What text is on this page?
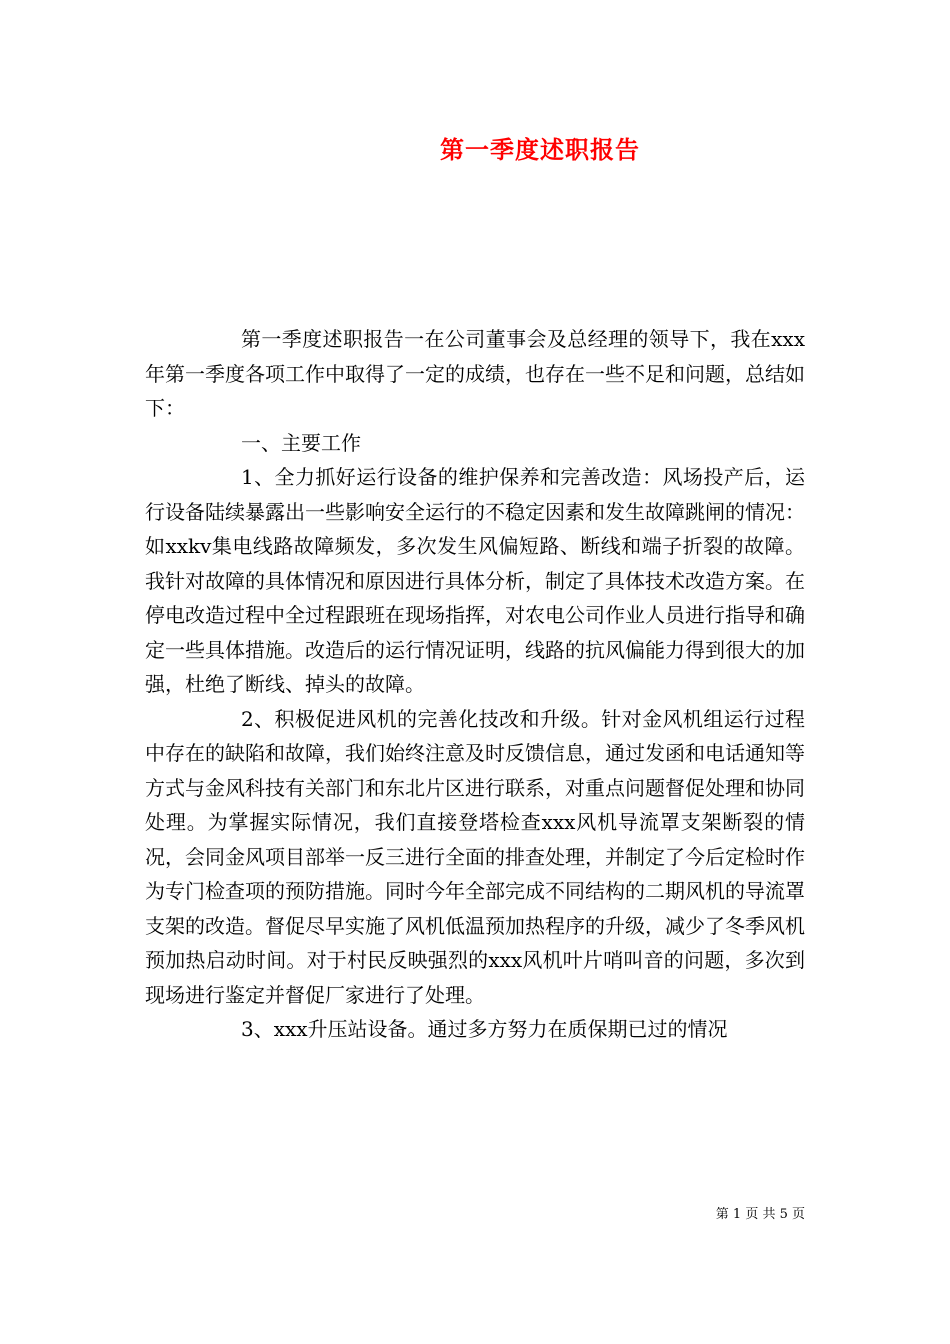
第一季度述职报告

第一季度述职报告一在公司董事会及总经理的领导下，我在xxx年第一季度各项工作中取得了一定的成绩，也存在一些不足和问题，总结如下：

一、主要工作

1、全力抓好运行设备的维护保养和完善改造：风场投产后，运行设备陆续暴露出一些影响安全运行的不稳定因素和发生故障跳闸的情况：如xxkv集电线路故障频发，多次发生风偏短路、断线和端子折裂的故障。我针对故障的具体情况和原因进行具体分析，制定了具体技术改造方案。在停电改造过程中全过程跟班在现场指挥，对农电公司作业人员进行指导和确定一些具体措施。改造后的运行情况证明，线路的抗风偏能力得到很大的加强，杜绝了断线、掉头的故障。

2、积极促进风机的完善化技改和升级。针对金风机组运行过程中存在的缺陷和故障，我们始终注意及时反馈信息，通过发函和电话通知等方式与金风科技有关部门和东北片区进行联系，对重点问题督促处理和协同处理。为掌握实际情况，我们直接登塔检查xxx风机导流罩支架断裂的情况，会同金风项目部举一反三进行全面的排查处理，并制定了今后定检时作为专门检查项的预防措施。同时今年全部完成不同结构的二期风机的导流罩支架的改造。督促尽早实施了风机低温预加热程序的升级，减少了冬季风机预加热启动时间。对于村民反映强烈的xxx风机叶片哨叫音的问题，多次到现场进行鉴定并督促厂家进行了处理。

3、xxx升压站设备。通过多方努力在质保期已过的情况

第 1 页 共 5 页
